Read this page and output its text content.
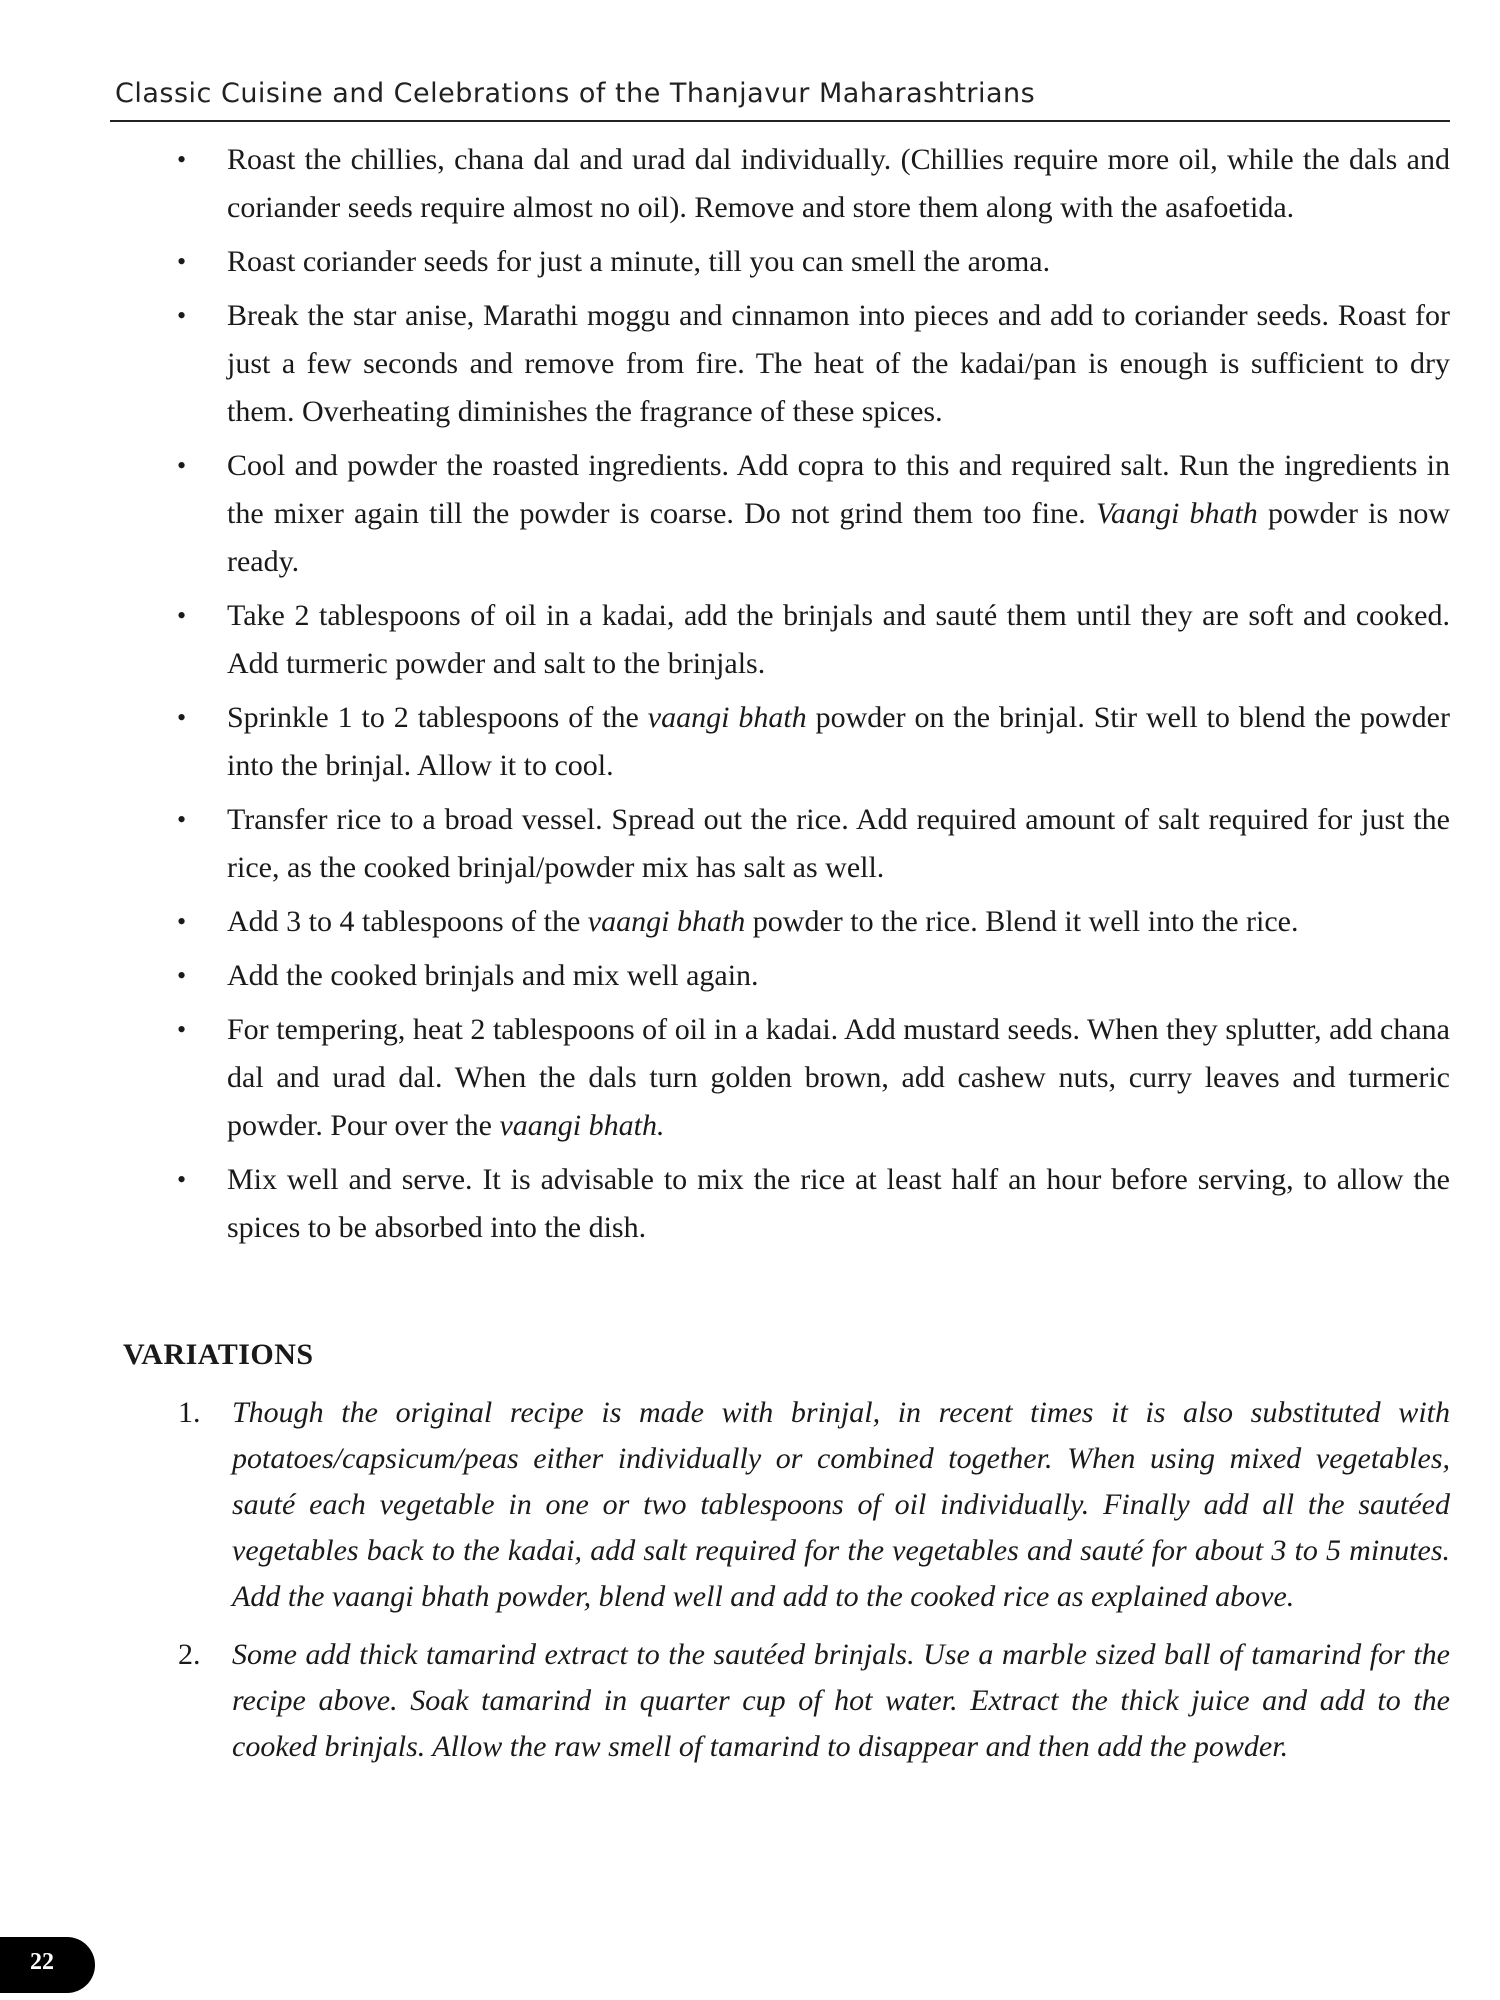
Classic Cuisine and Celebrations of the Thanjavur Maharashtrians
• Roast the chillies, chana dal and urad dal individually. (Chillies require more oil, while the dals and coriander seeds require almost no oil). Remove and store them along with the asafoetida.
• Roast coriander seeds for just a minute, till you can smell the aroma.
• Break the star anise, Marathi moggu and cinnamon into pieces and add to coriander seeds. Roast for just a few seconds and remove from fire. The heat of the kadai/pan is enough is sufficient to dry them. Overheating diminishes the fragrance of these spices.
• Cool and powder the roasted ingredients. Add copra to this and required salt. Run the ingredients in the mixer again till the powder is coarse. Do not grind them too fine. Vaangi bhath powder is now ready.
• Take 2 tablespoons of oil in a kadai, add the brinjals and sauté them until they are soft and cooked. Add turmeric powder and salt to the brinjals.
• Sprinkle 1 to 2 tablespoons of the vaangi bhath powder on the brinjal. Stir well to blend the powder into the brinjal. Allow it to cool.
• Transfer rice to a broad vessel. Spread out the rice. Add required amount of salt required for just the rice, as the cooked brinjal/powder mix has salt as well.
• Add 3 to 4 tablespoons of the vaangi bhath powder to the rice. Blend it well into the rice.
• Add the cooked brinjals and mix well again.
• For tempering, heat 2 tablespoons of oil in a kadai. Add mustard seeds. When they splutter, add chana dal and urad dal. When the dals turn golden brown, add cashew nuts, curry leaves and turmeric powder. Pour over the vaangi bhath.
• Mix well and serve. It is advisable to mix the rice at least half an hour before serving, to allow the spices to be absorbed into the dish.
VARIATIONS
1. Though the original recipe is made with brinjal, in recent times it is also substituted with potatoes/capsicum/peas either individually or combined together. When using mixed vegetables, sauté each vegetable in one or two tablespoons of oil individually. Finally add all the sautéed vegetables back to the kadai, add salt required for the vegetables and sauté for about 3 to 5 minutes. Add the vaangi bhath powder, blend well and add to the cooked rice as explained above.
2. Some add thick tamarind extract to the sautéed brinjals. Use a marble sized ball of tamarind for the recipe above. Soak tamarind in quarter cup of hot water. Extract the thick juice and add to the cooked brinjals. Allow the raw smell of tamarind to disappear and then add the powder.
22
